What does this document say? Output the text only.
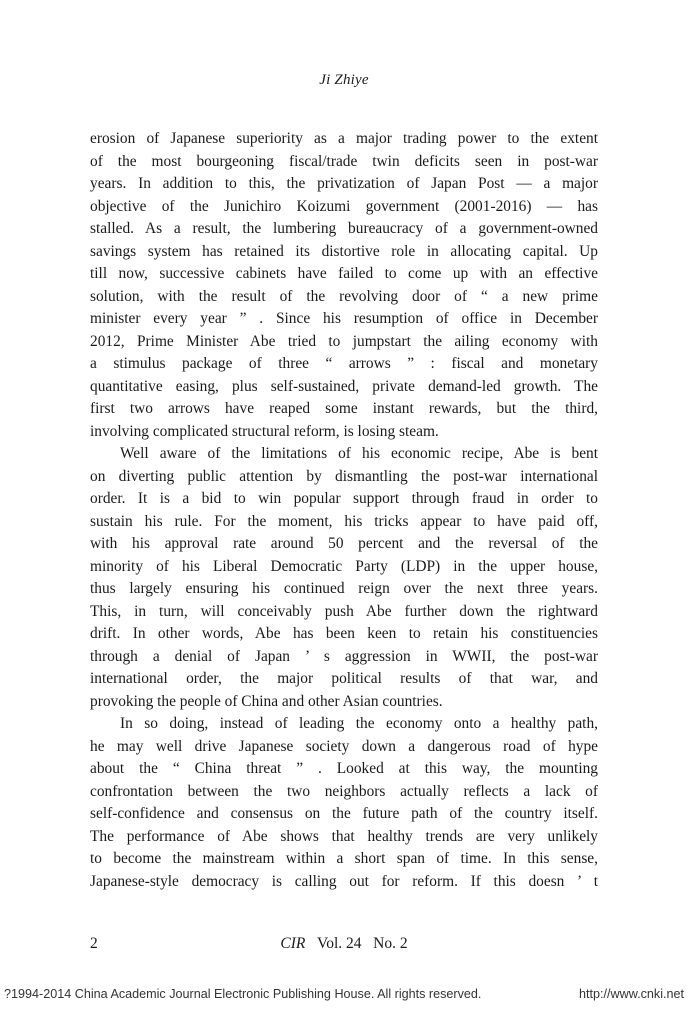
Ji Zhiye
erosion of Japanese superiority as a major trading power to the extent
of the most bourgeoning fiscal/trade twin deficits seen in post-war
years. In addition to this, the privatization of Japan Post — a major
objective of the Junichiro Koizumi government (2001-2016) — has
stalled. As a result, the lumbering bureaucracy of a government-owned
savings system has retained its distortive role in allocating capital. Up
till now, successive cabinets have failed to come up with an effective
solution, with the result of the revolving door of “ a new prime
minister every year ” . Since his resumption of office in December
2012, Prime Minister Abe tried to jumpstart the ailing economy with
a stimulus package of three “ arrows ” : fiscal and monetary
quantitative easing, plus self-sustained, private demand-led growth. The
first two arrows have reaped some instant rewards, but the third,
involving complicated structural reform, is losing steam.
Well aware of the limitations of his economic recipe, Abe is bent
on diverting public attention by dismantling the post-war international
order. It is a bid to win popular support through fraud in order to
sustain his rule. For the moment, his tricks appear to have paid off,
with his approval rate around 50 percent and the reversal of the
minority of his Liberal Democratic Party (LDP) in the upper house,
thus largely ensuring his continued reign over the next three years.
This, in turn, will conceivably push Abe further down the rightward
drift. In other words, Abe has been keen to retain his constituencies
through a denial of Japan ’ s aggression in WWII, the post-war
international order, the major political results of that war, and
provoking the people of China and other Asian countries.
In so doing, instead of leading the economy onto a healthy path,
he may well drive Japanese society down a dangerous road of hype
about the “ China threat ” . Looked at this way, the mounting
confrontation between the two neighbors actually reflects a lack of
self-confidence and consensus on the future path of the country itself.
The performance of Abe shows that healthy trends are very unlikely
to become the mainstream within a short span of time. In this sense,
Japanese-style democracy is calling out for reform. If this doesn ’ t
2	CIR Vol. 24 No. 2
?1994-2014 China Academic Journal Electronic Publishing House. All rights reserved.	http://www.cnki.net
